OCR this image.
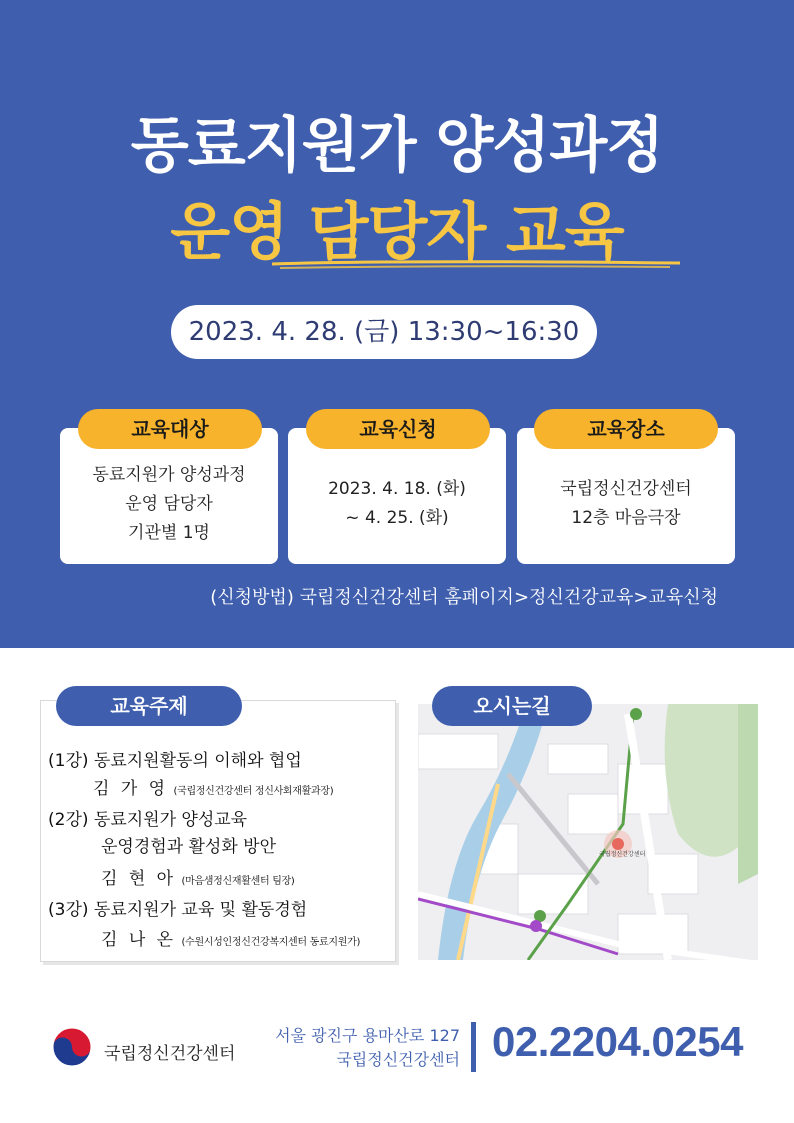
동료지원가 양성과정
운영 담당자 교육
2023. 4. 28. (금) 13:30~16:30
동료지원가 양성과정
운영 담당자
기관별 1명
교육대상
2023. 4. 18. (화)
~ 4. 25. (화)
교육신청
국립정신건강센터
12층 마음극장
교육장소
(신청방법) 국립정신건강센터 홈페이지>정신건강교육>교육신청
교육주제
(1강) 동료지원활동의 이해와 협업
김 가 영 (국립정신건강센터 정신사회재활과장)
(2강) 동료지원가 양성교육
운영경험과 활성화 방안
김 현 아 (마음샘정신재활센터 팀장)
(3강) 동료지원가 교육 및 활동경험
김 나 온 (수원시성인정신건강복지센터 동료지원가)
국립정신건강센터
오시는길
국립정신건강센터
서울 광진구 용마산로 127
국립정신건강센터 02.2204.0254
